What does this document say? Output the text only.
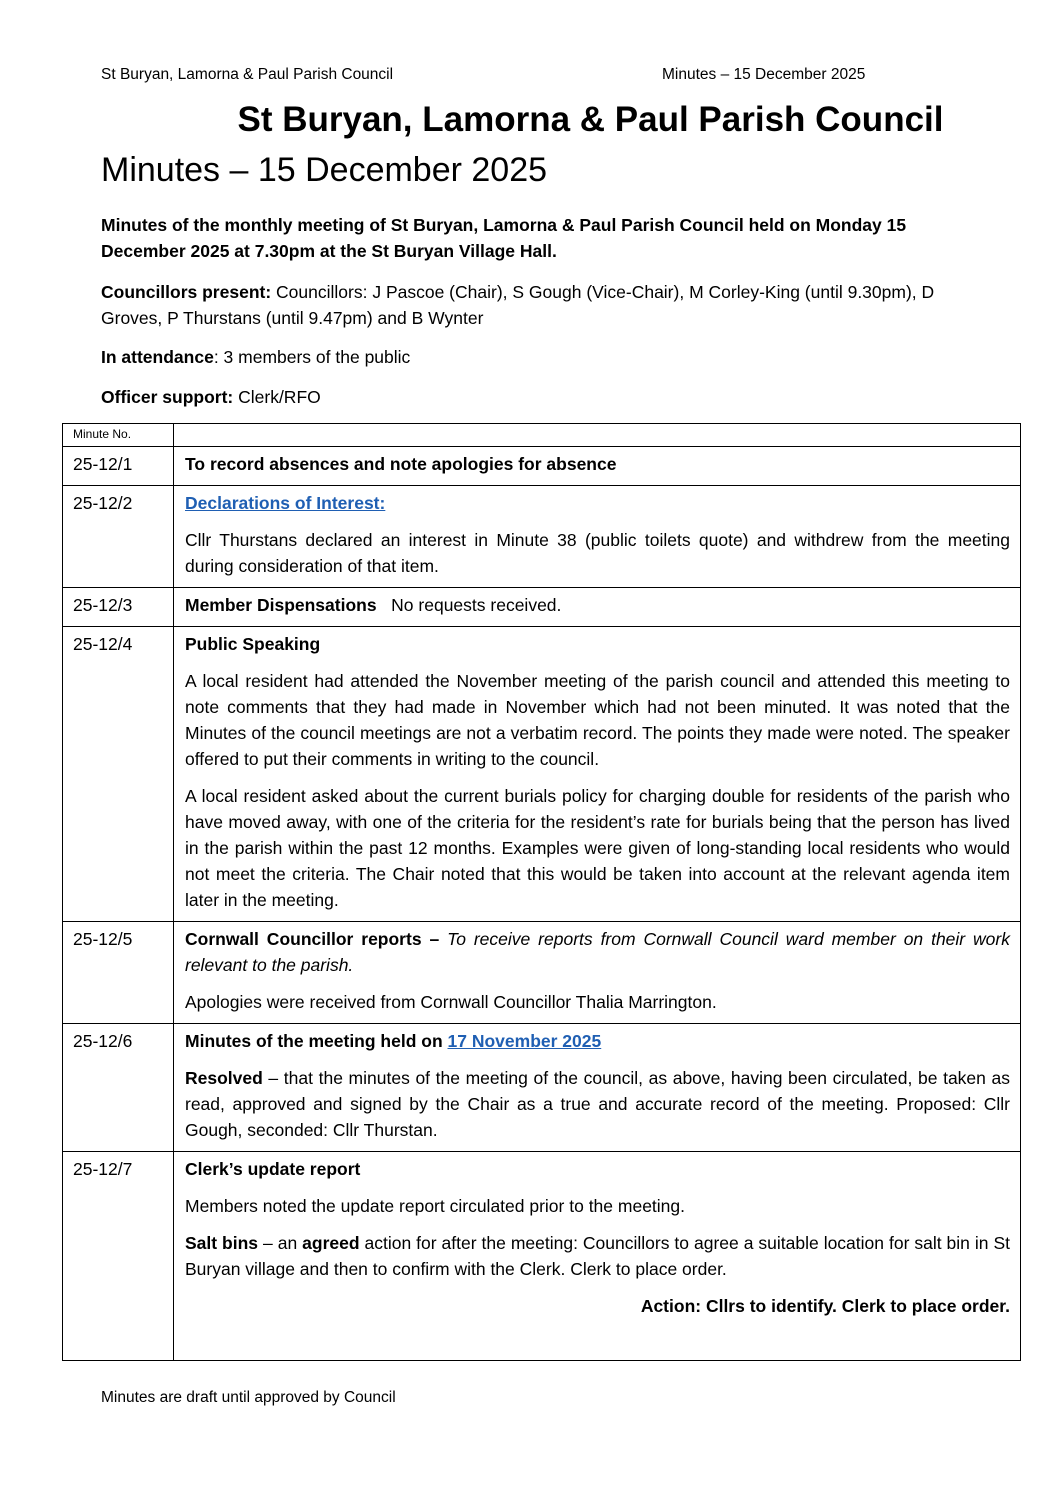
St Buryan, Lamorna & Paul Parish Council	Minutes – 15 December 2025
St Buryan, Lamorna & Paul Parish Council
Minutes – 15 December 2025
Minutes of the monthly meeting of St Buryan, Lamorna & Paul Parish Council held on Monday 15 December 2025 at 7.30pm at the St Buryan Village Hall.
Councillors present: Councillors: J Pascoe (Chair), S Gough (Vice-Chair), M Corley-King (until 9.30pm), D Groves, P Thurstans (until 9.47pm) and B Wynter
In attendance: 3 members of the public
Officer support: Clerk/RFO
Minute No.	
25-12/1	To record absences and note apologies for absence

25-12/2	Declarations of Interest:

Cllr Thurstans declared an interest in Minute 38 (public toilets quote) and withdrew from the meeting during consideration of that item.

25-12/3	Member Dispensations No requests received.

25-12/4	Public Speaking

A local resident had attended the November meeting of the parish council and attended this meeting to note comments that they had made in November which had not been minuted. It was noted that the Minutes of the council meetings are not a verbatim record. The points they made were noted. The speaker offered to put their comments in writing to the council.

A local resident asked about the current burials policy for charging double for residents of the parish who have moved away, with one of the criteria for the resident’s rate for burials being that the person has lived in the parish within the past 12 months. Examples were given of long-standing local residents who would not meet the criteria. The Chair noted that this would be taken into account at the relevant agenda item later in the meeting.

25-12/5	Cornwall Councillor reports – To receive reports from Cornwall Council ward member on their work relevant to the parish.

Apologies were received from Cornwall Councillor Thalia Marrington.

25-12/6	Minutes of the meeting held on 17 November 2025

Resolved – that the minutes of the meeting of the council, as above, having been circulated, be taken as read, approved and signed by the Chair as a true and accurate record of the meeting. Proposed: Cllr Gough, seconded: Cllr Thurstan.

25-12/7	Clerk’s update report

Members noted the update report circulated prior to the meeting.

Salt bins – an agreed action for after the meeting: Councillors to agree a suitable location for salt bin in St Buryan village and then to confirm with the Clerk. Clerk to place order.

Action: Cllrs to identify. Clerk to place order.

Minutes are draft until approved by Council
